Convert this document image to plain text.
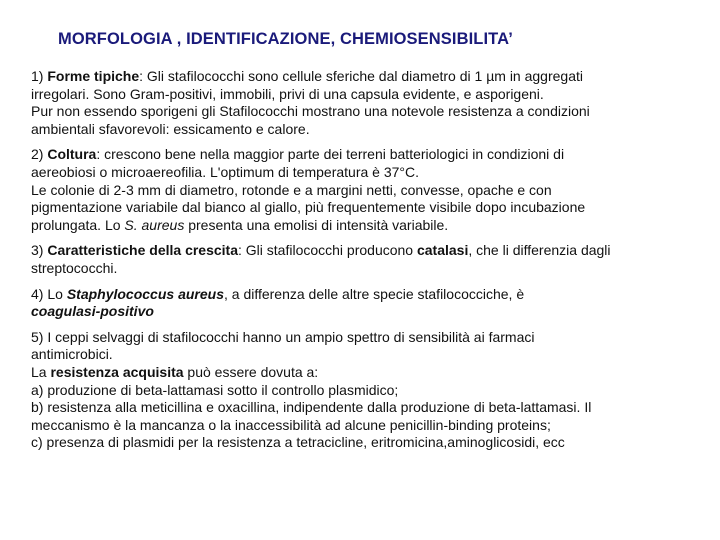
MORFOLOGIA , IDENTIFICAZIONE, CHEMIOSENSIBILITA’

1) Forme tipiche: Gli stafilococchi sono cellule sferiche dal diametro di 1 µm in aggregati
irregolari. Sono Gram-positivi, immobili, privi di una capsula evidente, e asporigeni.
Pur non essendo sporigeni gli Stafilococchi mostrano una notevole resistenza a condizioni
ambientali sfavorevoli: essicamento e calore.

2) Coltura: crescono bene nella maggior parte dei terreni batteriologici in condizioni di
aereobiosi o microaereofilia. L'optimum di temperatura è 37°C.
Le colonie di 2-3 mm di diametro, rotonde e a margini netti, convesse, opache e con
pigmentazione variabile dal bianco al giallo, più frequentemente visibile dopo incubazione
prolungata. Lo S. aureus presenta una emolisi di intensità variabile.

3) Caratteristiche della crescita: Gli stafilococchi producono catalasi, che li differenzia dagli
streptococchi.

4) Lo Staphylococcus aureus, a differenza delle altre specie stafilococciche, è
coagulasi-positivo

5) I ceppi selvaggi di stafilococchi hanno un ampio spettro di sensibilità ai farmaci
antimicrobici.
La resistenza acquisita può essere dovuta a:
a) produzione di beta-lattamasi sotto il controllo plasmidico;
b) resistenza alla meticillina e oxacillina, indipendente dalla produzione di beta-lattamasi. Il
meccanismo è la mancanza o la inaccessibilità ad alcune penicillin-binding proteins;
c) presenza di plasmidi per la resistenza a tetracicline, eritromicina,aminoglicosidi, ecc
